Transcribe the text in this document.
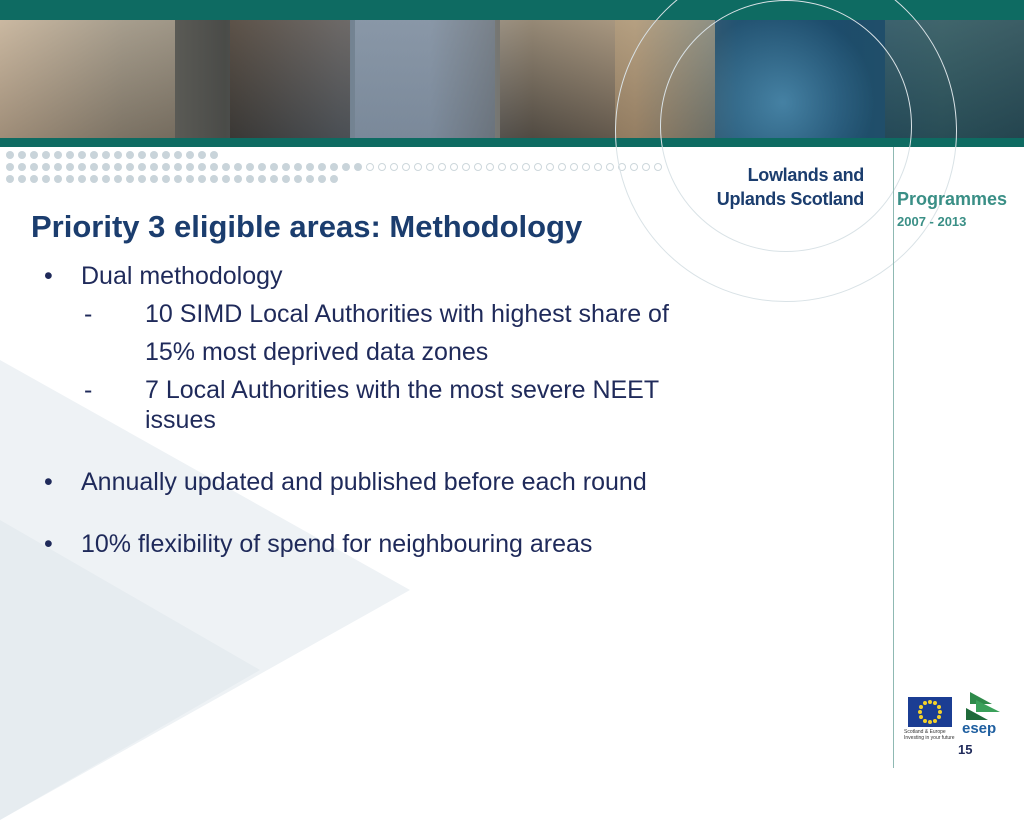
Lowlands and
Uplands Scotland Programmes
2007 - 2013
Priority 3 eligible areas: Methodology
• Dual methodology
- 10 SIMD Local Authorities with highest share of
15% most deprived data zones
- 7 Local Authorities with the most severe NEET
issues
• Annually updated and published before each round
• 10% flexibility of spend for neighbouring areas
Scotland & Europe Investing in your future
esep
15
